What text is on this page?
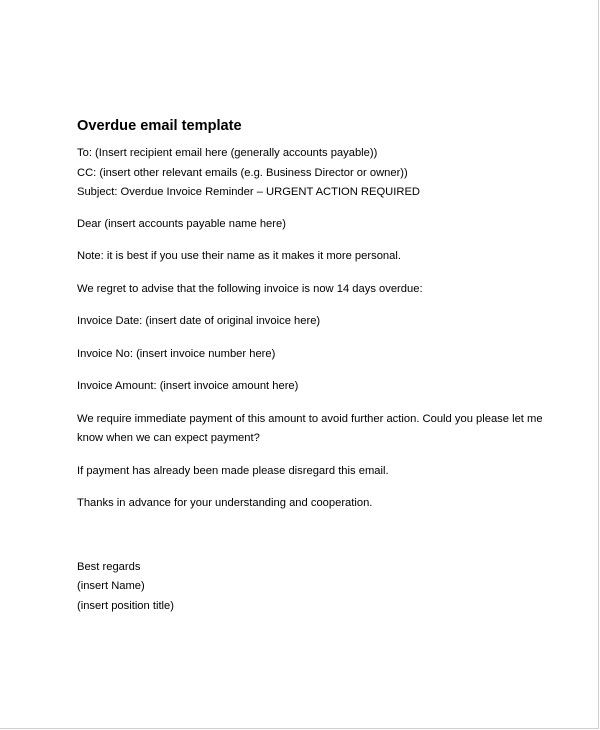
Overdue email template

To: (Insert recipient email here (generally accounts payable))

CC: (insert other relevant emails (e.g. Business Director or owner))

Subject: Overdue Invoice Reminder – URGENT ACTION REQUIRED

Dear (insert accounts payable name here)

Note: it is best if you use their name as it makes it more personal.

We regret to advise that the following invoice is now 14 days overdue:

Invoice Date: (insert date of original invoice here)

Invoice No: (insert invoice number here)

Invoice Amount: (insert invoice amount here)

We require immediate payment of this amount to avoid further action. Could you please let me know when we can expect payment?

If payment has already been made please disregard this email.

Thanks in advance for your understanding and cooperation.

Best regards

(insert Name)

(insert position title)
